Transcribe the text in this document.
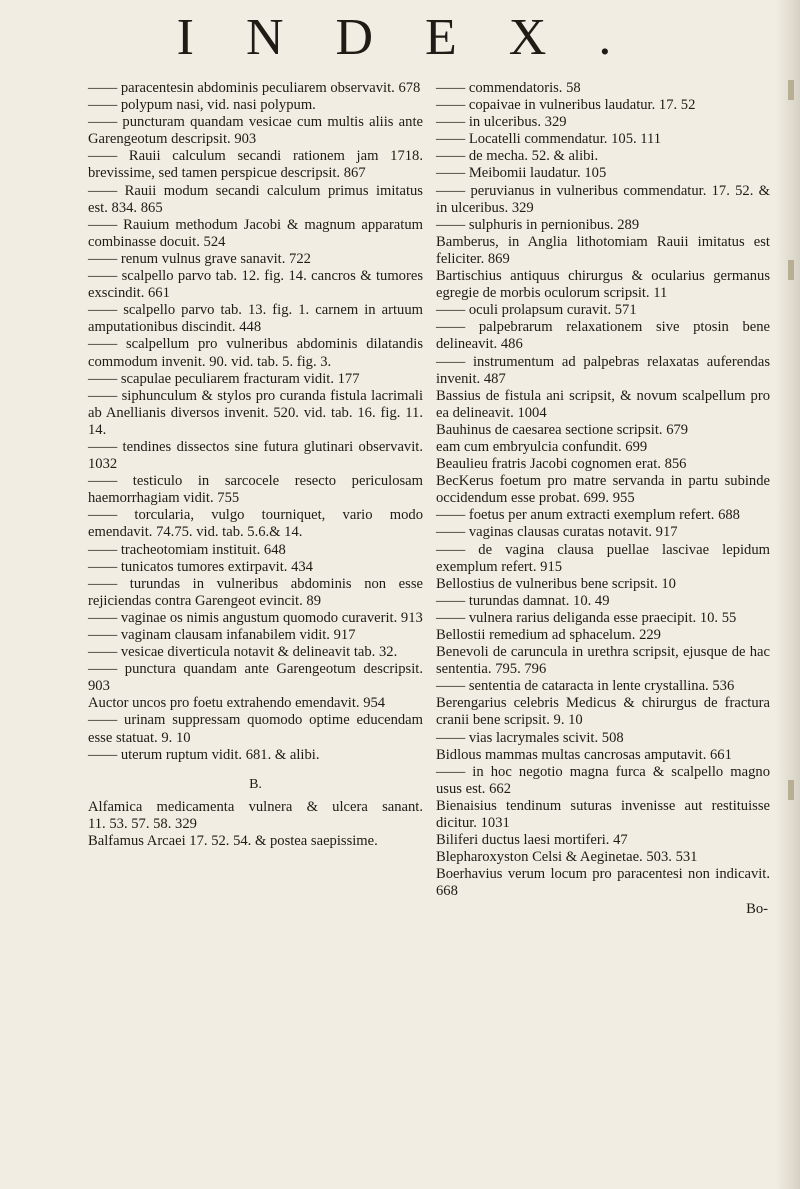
INDEX.

—— paracentesin abdominis peculiarem observavit. 678

—— polypum nasi, vid. nasi polypum.

—— puncturam quandam vesicae cum multis aliis ante Garengeotum descripsit. 903

—— Rauii calculum secandi rationem jam 1718. brevissime, sed tamen perspicue descripsit. 867

—— Rauii modum secandi calculum primus imitatus est. 834. 865

—— Rauium methodum Jacobi & magnum apparatum combinasse docuit. 524

—— renum vulnus grave sanavit. 722

—— scalpello parvo tab. 12. fig. 14. cancros & tumores exscindit. 661

—— scalpello parvo tab. 13. fig. 1. carnem in artuum amputationibus discindit. 448

—— scalpellum pro vulneribus abdominis dilatandis commodum invenit. 90. vid. tab. 5. fig. 3.

—— scapulae peculiarem fracturam vidit. 177

—— siphunculum & stylos pro curanda fistula lacrimali ab Anellianis diversos invenit. 520. vid. tab. 16. fig. 11. 14.

—— tendines dissectos sine futura glutinari observavit. 1032

—— testiculo in sarcocele resecto periculosam haemorrhagiam vidit. 755

—— torcularia, vulgo tourniquet, vario modo emendavit. 74.75. vid. tab. 5.6.& 14.

—— tracheotomiam instituit. 648

—— tunicatos tumores extirpavit. 434

—— turundas in vulneribus abdominis non esse rejiciendas contra Garengeot evincit. 89

—— vaginae os nimis angustum quomodo curaverit. 913

—— vaginam clausam infanabilem vidit. 917

—— vesicae diverticula notavit & delineavit tab. 32.

—— punctura quandam ante Garengeotum descripsit. 903

Auctor uncos pro foetu extrahendo emendavit. 954

—— urinam suppressam quomodo optime educendam esse statuat. 9. 10

—— uterum ruptum vidit. 681. & alibi.

B.

Alfamica medicamenta vulnera & ulcera sanant. 11. 53. 57. 58. 329

Balfamus Arcaei 17. 52. 54. & postea saepissime.

—— commendatoris. 58

—— copaivae in vulneribus laudatur. 17. 52

—— in ulceribus. 329

—— Locatelli commendatur. 105. 111

—— de mecha. 52. & alibi.

—— Meibomii laudatur. 105

—— peruvianus in vulneribus commendatur. 17. 52. & in ulceribus. 329

—— sulphuris in pernionibus. 289

Bamberus, in Anglia lithotomiam Rauii imitatus est feliciter. 869

Bartischius antiquus chirurgus & ocularius germanus egregie de morbis oculorum scripsit. 11

—— oculi prolapsum curavit. 571

—— palpebrarum relaxationem sive ptosin bene delineavit. 486

—— instrumentum ad palpebras relaxatas auferendas invenit. 487

Bassius de fistula ani scripsit, & novum scalpellum pro ea delineavit. 1004

Bauhinus de caesarea sectione scripsit. 679

eam cum embryulcia confundit. 699

Beaulieu fratris Jacobi cognomen erat. 856

BecKerus foetum pro matre servanda in partu subinde occidendum esse probat. 699. 955

—— foetus per anum extracti exemplum refert. 688

—— vaginas clausas curatas notavit. 917

—— de vagina clausa puellae lascivae lepidum exemplum refert. 915

Bellostius de vulneribus bene scripsit. 10

—— turundas damnat. 10. 49

—— vulnera rarius deliganda esse praecipit. 10. 55

Bellostii remedium ad sphacelum. 229

Benevoli de caruncula in urethra scripsit, ejusque de hac sententia. 795. 796

—— sententia de cataracta in lente crystallina. 536

Berengarius celebris Medicus & chirurgus de fractura cranii bene scripsit. 9. 10

—— vias lacrymales scivit. 508

Bidlous mammas multas cancrosas amputavit. 661

—— in hoc negotio magna furca & scalpello magno usus est. 662

Bienaisius tendinum suturas invenisse aut restituisse dicitur. 1031

Biliferi ductus laesi mortiferi. 47

Blepharoxyston Celsi & Aeginetae. 503. 531

Boerhavius verum locum pro paracentesi non indicavit. 668

Bo-
